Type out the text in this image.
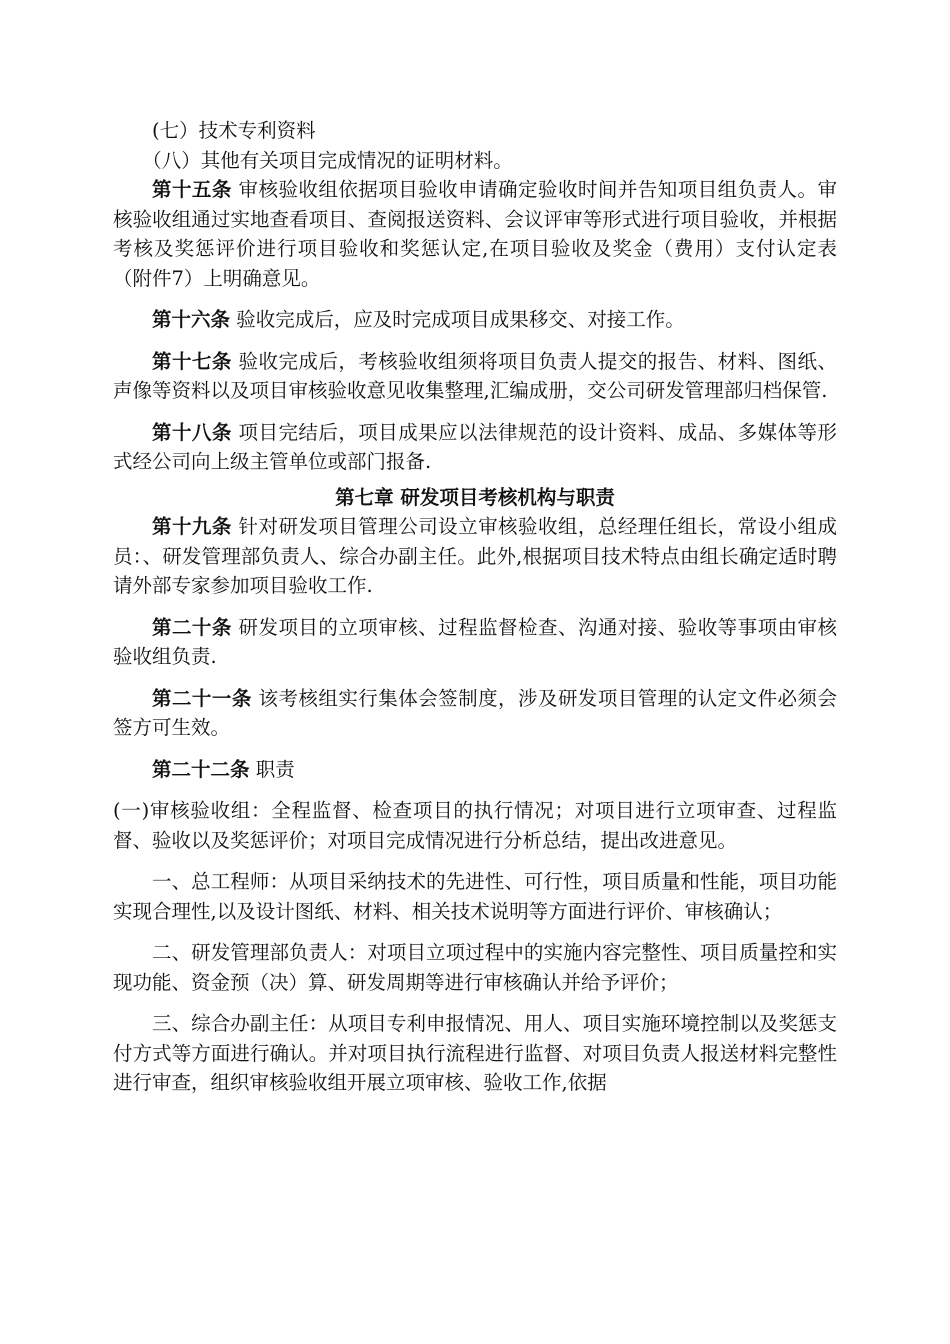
(七）技术专利资料

（八）其他有关项目完成情况的证明材料。

第十五条 审核验收组依据项目验收申请确定验收时间并告知项目组负责人。审核验收组通过实地查看项目、查阅报送资料、会议评审等形式进行项目验收，并根据考核及奖惩评价进行项目验收和奖惩认定,在项目验收及奖金（费用）支付认定表（附件7）上明确意见。

第十六条 验收完成后，应及时完成项目成果移交、对接工作。

第十七条 验收完成后，考核验收组须将项目负责人提交的报告、材料、图纸、声像等资料以及项目审核验收意见收集整理,汇编成册，交公司研发管理部归档保管.

第十八条 项目完结后，项目成果应以法律规范的设计资料、成品、多媒体等形式经公司向上级主管单位或部门报备.

第七章 研发项目考核机构与职责

第十九条 针对研发项目管理公司设立审核验收组，总经理任组长，常设小组成员：、研发管理部负责人、综合办副主任。此外,根据项目技术特点由组长确定适时聘请外部专家参加项目验收工作.

第二十条 研发项目的立项审核、过程监督检查、沟通对接、验收等事项由审核验收组负责.

第二十一条 该考核组实行集体会签制度，涉及研发项目管理的认定文件必须会签方可生效。

第二十二条 职责

(一)审核验收组：全程监督、检查项目的执行情况；对项目进行立项审查、过程监督、验收以及奖惩评价；对项目完成情况进行分析总结，提出改进意见。

一、总工程师：从项目采纳技术的先进性、可行性，项目质量和性能，项目功能实现合理性,以及设计图纸、材料、相关技术说明等方面进行评价、审核确认；

二、研发管理部负责人：对项目立项过程中的实施内容完整性、项目质量控和实现功能、资金预（决）算、研发周期等进行审核确认并给予评价；

三、综合办副主任：从项目专利申报情况、用人、项目实施环境控制以及奖惩支付方式等方面进行确认。并对项目执行流程进行监督、对项目负责人报送材料完整性进行审查，组织审核验收组开展立项审核、验收工作,依据
